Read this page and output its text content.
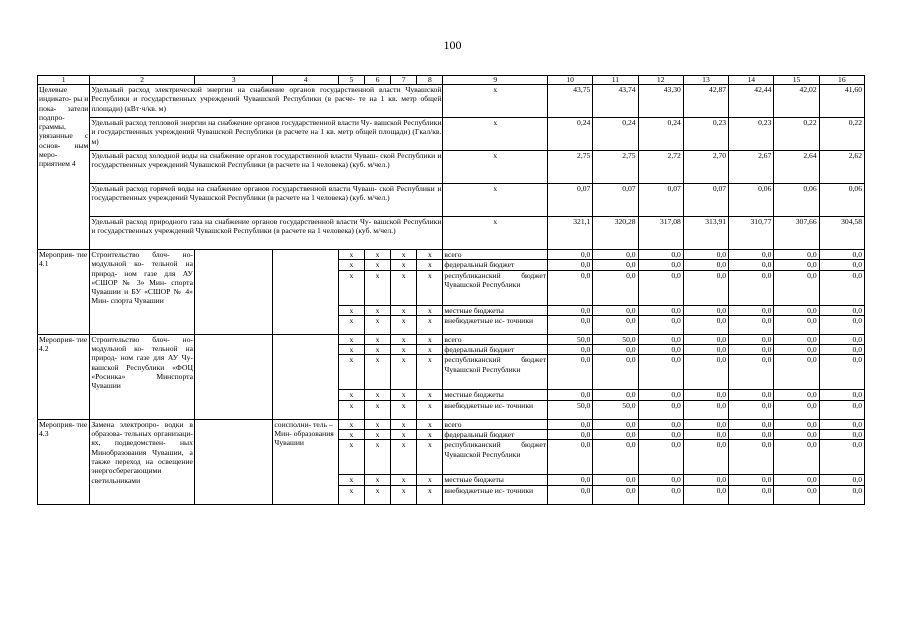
100
1	2	3	4	5	6	7	8	9	10	11	12	13	14	15	16
Целевые индикато- ры и пока- затели подпро- граммы, увязанные с основ- ным меро- приятием 4	Удельный расход электрической энергии на снабжение органов государственной власти Чувашской Республики и государственных учреждений Чувашской Республики (в расче- те на 1 кв. метр общей площади) (кВт·ч/кв. м)							x	43,75	43,74	43,30	42,87	42,44	42,02	41,60
	Удельный расход тепловой энергии на снабжение органов государственной власти Чу- вашской Республики и государственных учреждений Чувашской Республики (в расчете на 1 кв. метр общей площади) (Гкал/кв. м)							x	0,24	0,24	0,24	0,23	0,23	0,22	0,22
	Удельный расход холодной воды на снабжение органов государственной власти Чуваш- ской Республики и государственных учреждений Чувашской Республики (в расчете на 1 человека) (куб. м/чел.)							x	2,75	2,75	2,72	2,70	2,67	2,64	2,62
	Удельный расход горячей воды на снабжение органов государственной власти Чуваш- ской Республики и государственных учреждений Чувашской Республики (в расчете на 1 человека) (куб. м/чел.)							x	0,07	0,07	0,07	0,07	0,06	0,06	0,06
	Удельный расход природного газа на снабжение органов государственной власти Чу- вашской Республики и государственных учреждений Чувашской Республики (в расчете на 1 человека) (куб. м/чел.)							x	321,1	320,28	317,08	313,91	310,77	307,66	304,58
Мероприя- тие 4.1	Строительство блоч- но-модульной ко- тельной на природ- ном газе для АУ «СШОР № 3» Мин- спорта Чувашии и БУ «СШОР № 4» Мин- спорта Чувашии			x	x	x	x	всего	0,0	0,0	0,0	0,0	0,0	0,0	0,0
				x	x	x	x	федеральный бюджет	0,0	0,0	0,0	0,0	0,0	0,0	0,0
				x	x	x	x	республиканский бюджет Чувашской Республики	0,0	0,0	0,0	0,0	0,0	0,0	0,0
				x	x	x	x	местные бюджеты	0,0	0,0	0,0	0,0	0,0	0,0	0,0
				x	x	x	x	внебюджетные ис- точники	0,0	0,0	0,0	0,0	0,0	0,0	0,0
Мероприя- тие 4.2	Строительство блоч- но-модульной ко- тельной на природ- ном газе для АУ Чу- вашской Республики «ФОЦ «Росинка» Минспорта Чувашии			x	x	x	x	всего	50,0	50,0	0,0	0,0	0,0	0,0	0,0
				x	x	x	x	федеральный бюджет	0,0	0,0	0,0	0,0	0,0	0,0	0,0
				x	x	x	x	республиканский бюджет Чувашской Республики	0,0	0,0	0,0	0,0	0,0	0,0	0,0
				x	x	x	x	местные бюджеты	0,0	0,0	0,0	0,0	0,0	0,0	0,0
				x	x	x	x	внебюджетные ис- точники	50,0	50,0	0,0	0,0	0,0	0,0	0,0
Мероприя- тие 4.3	Замена электропро- водки в образова- тельных организаци- ях, подведомствен- ных Минобразования Чувашии, а также переход на освещение энергосберегающими светильниками		соисполни- тель – Мин- образования Чувашии	x	x	x	x	всего	0,0	0,0	0,0	0,0	0,0	0,0	0,0
				x	x	x	x	федеральный бюджет	0,0	0,0	0,0	0,0	0,0	0,0	0,0
				x	x	x	x	республиканский бюджет Чувашской Республики	0,0	0,0	0,0	0,0	0,0	0,0	0,0
				x	x	x	x	местные бюджеты	0,0	0,0	0,0	0,0	0,0	0,0	0,0
				x	x	x	x	внебюджетные ис- точники	0,0	0,0	0,0	0,0	0,0	0,0	0,0
